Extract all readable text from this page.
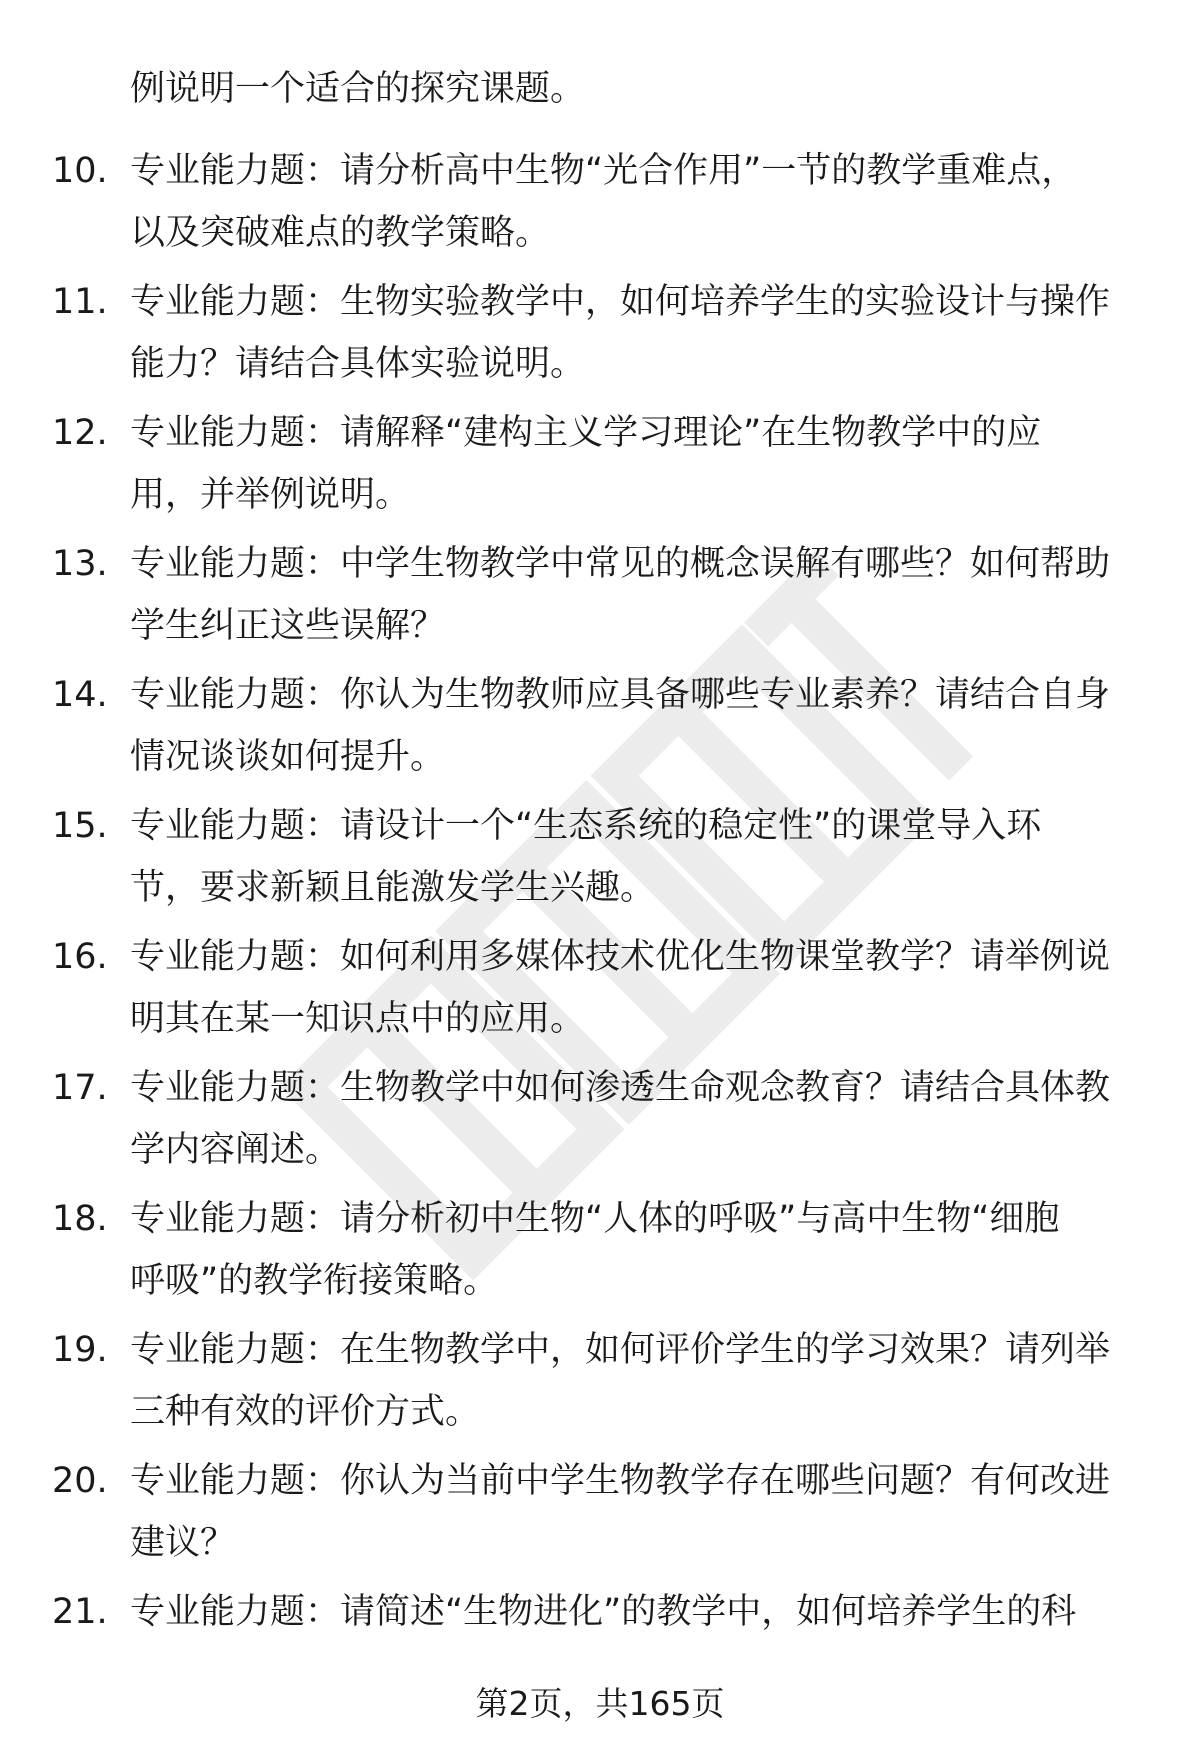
例说明一个适合的探究课题。
10. 专业能力题：请分析高中生物“光合作用”一节的教学重难点，
以及突破难点的教学策略。
11. 专业能力题：生物实验教学中，如何培养学生的实验设计与操作
能力？请结合具体实验说明。
12. 专业能力题：请解释“建构主义学习理论”在生物教学中的应
用，并举例说明。
13. 专业能力题：中学生物教学中常见的概念误解有哪些？如何帮助
学生纠正这些误解？
14. 专业能力题：你认为生物教师应具备哪些专业素养？请结合自身
情况谈谈如何提升。
15. 专业能力题：请设计一个“生态系统的稳定性”的课堂导入环
节，要求新颖且能激发学生兴趣。
16. 专业能力题：如何利用多媒体技术优化生物课堂教学？请举例说
明其在某一知识点中的应用。
17. 专业能力题：生物教学中如何渗透生命观念教育？请结合具体教
学内容阐述。
18. 专业能力题：请分析初中生物“人体的呼吸”与高中生物“细胞
呼吸”的教学衔接策略。
19. 专业能力题：在生物教学中，如何评价学生的学习效果？请列举
三种有效的评价方式。
20. 专业能力题：你认为当前中学生物教学存在哪些问题？有何改进
建议？
21. 专业能力题：请简述“生物进化”的教学中，如何培养学生的科
第2页，共165页
